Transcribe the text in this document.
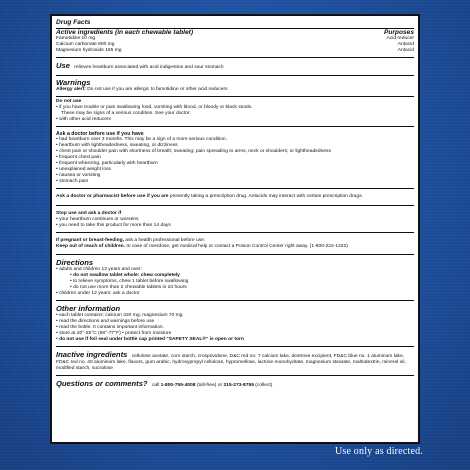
Drug Facts
Active ingredients (in each chewable tablet)	Purposes
Famotidine 10 mg	Acid reducer
Calcium carbonate 800 mg	Antacid
Magnesium hydroxide 165 mg	Antacid
Use relieves heartburn associated with acid indigestion and sour stomach
Warnings
Allergy alert: Do not use if you are allergic to famotidine or other acid reducers
Do not use
• if you have trouble or pain swallowing food, vomiting with blood, or bloody or black stools.
These may be signs of a serious condition. See your doctor.
• with other acid reducers
Ask a doctor before use if you have
• had heartburn over 3 months. This may be a sign of a more serious condition.
• heartburn with lightheadedness, sweating, or dizziness
• chest pain or shoulder pain with shortness of breath; sweating; pain spreading to arms, neck or shoulders; or lightheadedness
• frequent chest pain
• frequent wheezing, particularly with heartburn
• unexplained weight loss
• nausea or vomiting
• stomach pain
Ask a doctor or pharmacist before use if you are presently taking a prescription drug. Antacids may interact with certain prescription drugs.
Stop use and ask a doctor if
• your heartburn continues or worsens
• you need to take this product for more than 14 days
If pregnant or breast-feeding, ask a health professional before use.
Keep out of reach of children. In case of overdose, get medical help or contact a Poison Control Center right away. (1-800-222-1222)
Directions
• adults and children 12 years and over:
• do not swallow tablet whole: chew completely
• to relieve symptoms, chew 1 tablet before swallowing
• do not use more than 2 chewable tablets in 24 hours
• children under 12 years: ask a doctor
Other information
• each tablet contains: calcium 320 mg; magnesium 70 mg
• read the directions and warnings before use
• read the bottle. It contains important information.
• store at 20°-25°C (68°-77°F) • protect from moisture
• do not use if foil seal under bottle cap printed "SAFETY SEAL®" is open or torn
Inactive ingredients cellulose acetate, corn starch, crospovidone, D&C red no. 7 calcium lake, dextrose excipient, FD&C blue no. 1 aluminum lake, FD&C red no. 40 aluminum lake, flavors, gum arabic, hydroxypropyl cellulose, hypromellose, lactose monohydrate, magnesium stearate, maltodextrin, mineral oil, modified starch, sucralose
Questions or comments? call 1-800-755-4008 (toll-free) or 215-273-8755 (collect)
Use only as directed.
